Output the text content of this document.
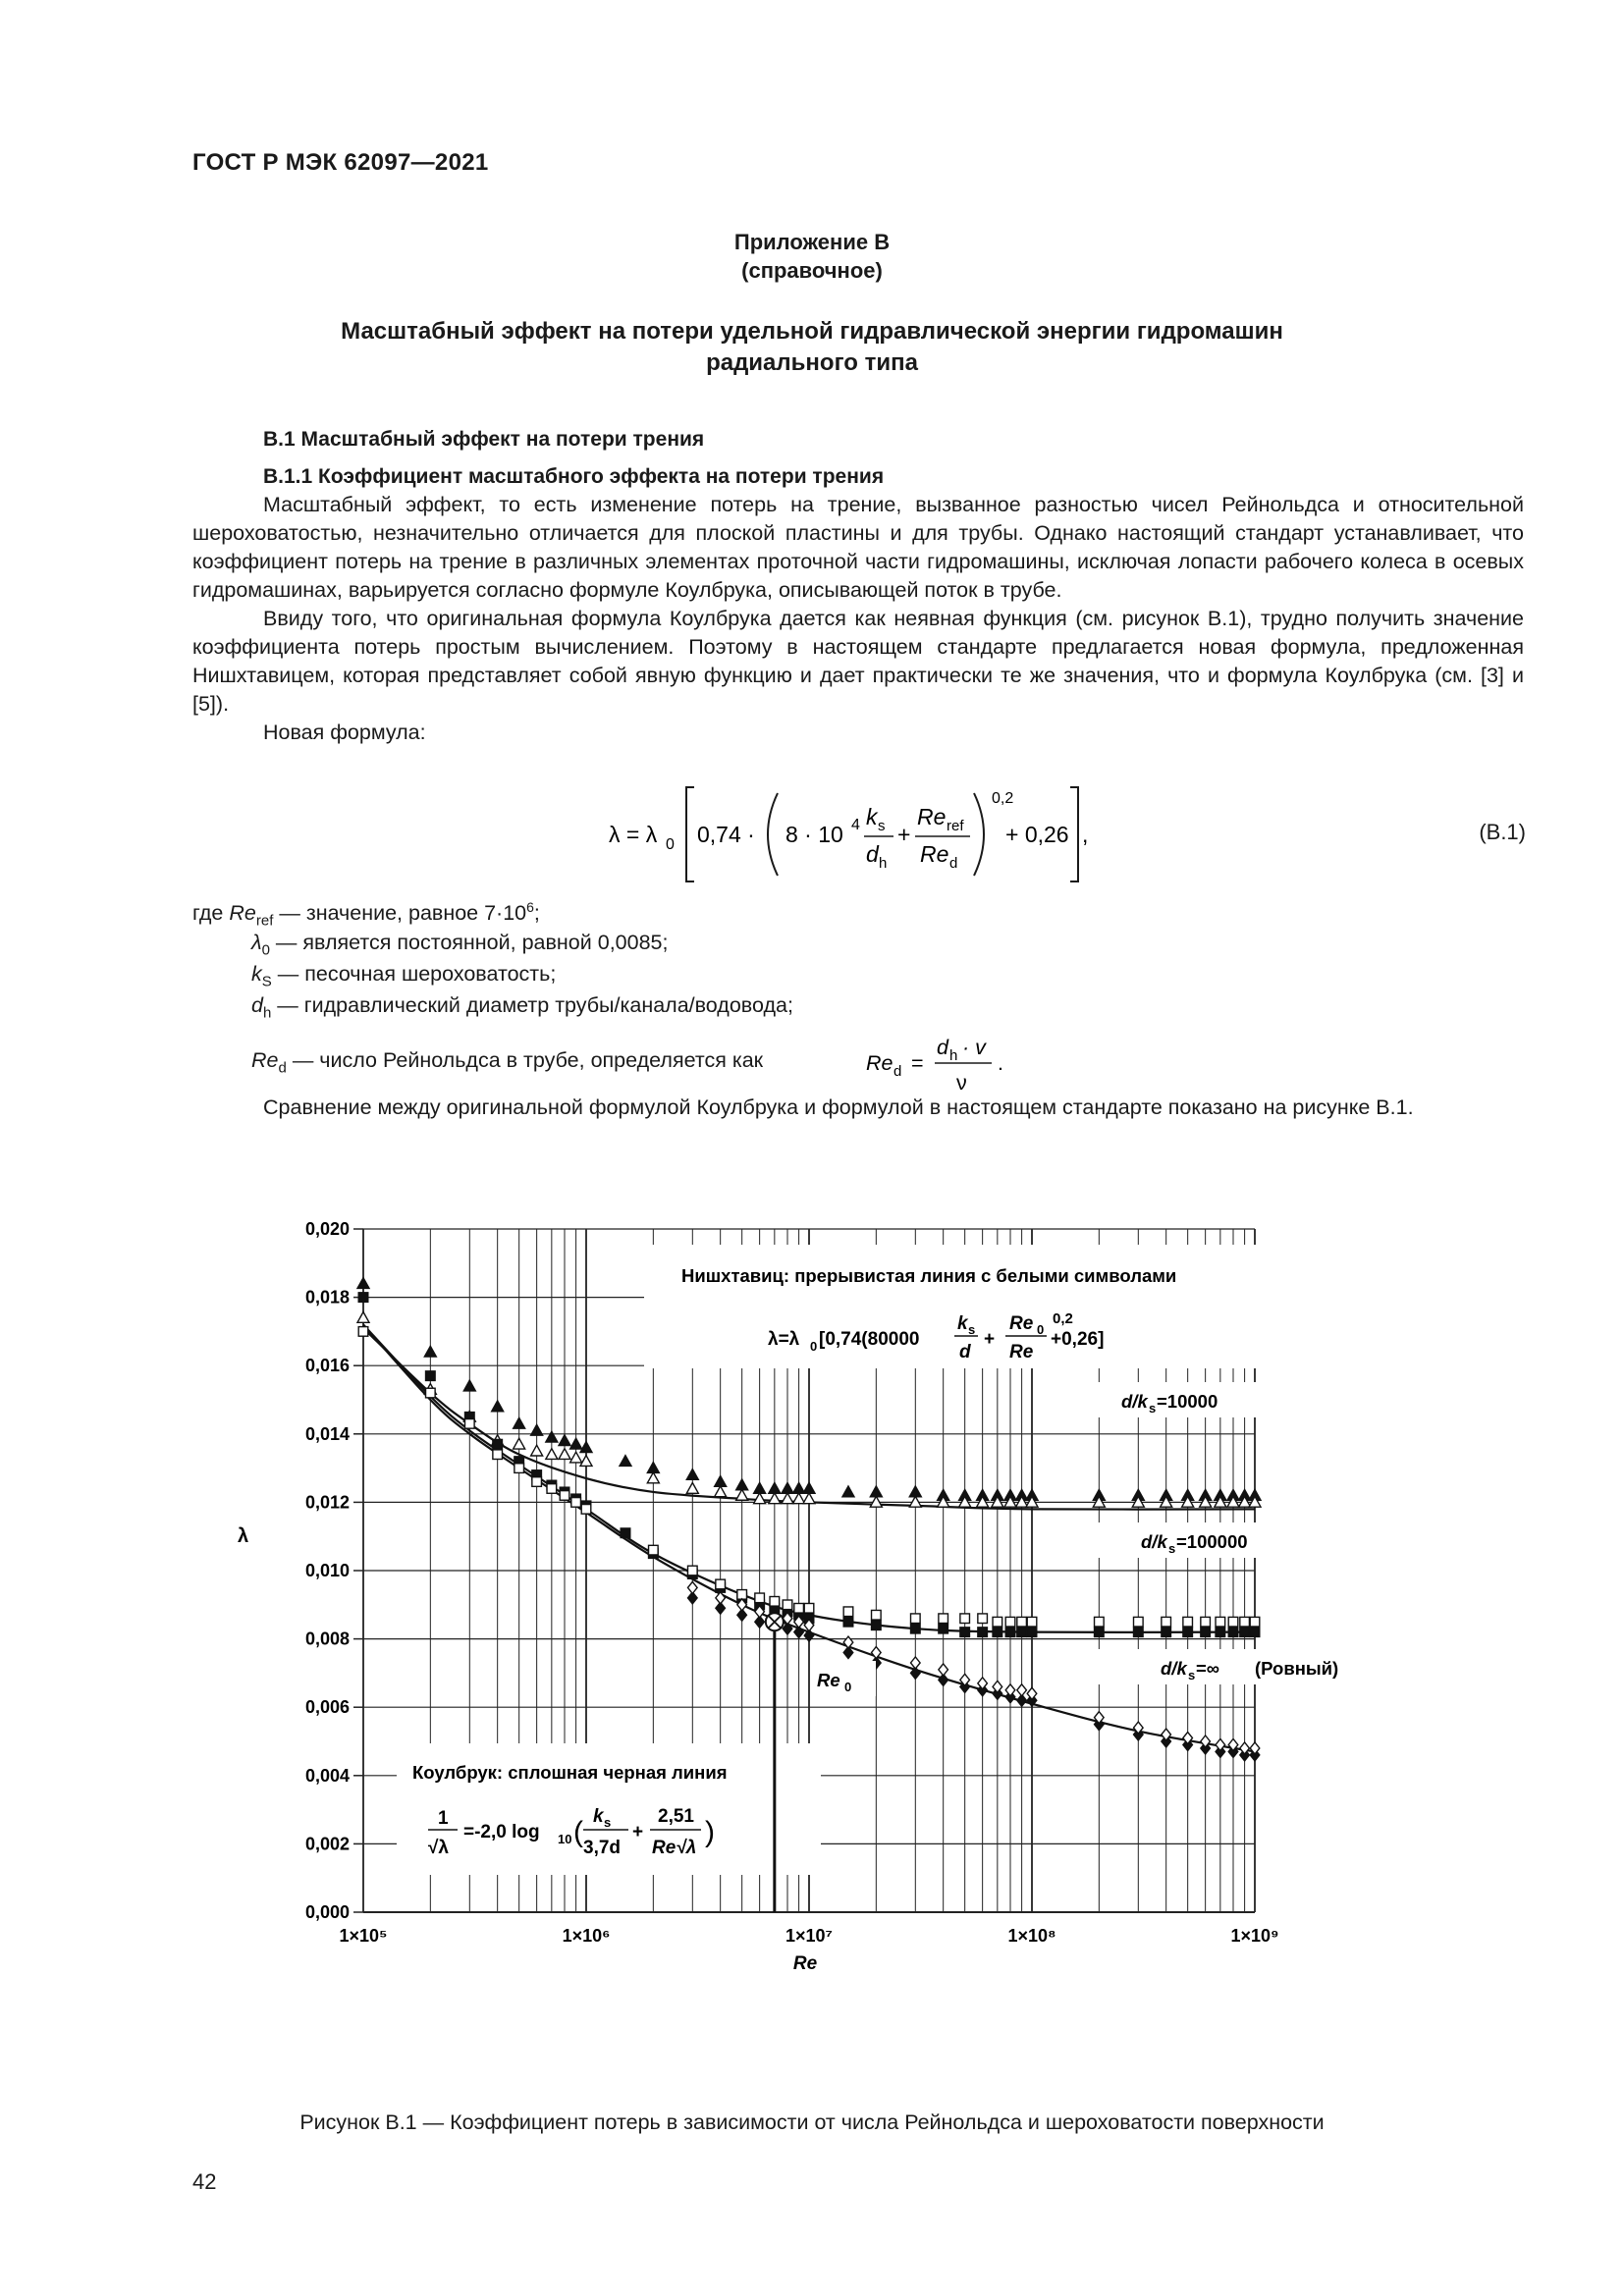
ГОСТ Р МЭК 62097—2021
Приложение В
(справочное)
Масштабный эффект на потери удельной гидравлической энергии гидромашин
радиального типа
В.1 Масштабный эффект на потери трения
В.1.1 Коэффициент масштабного эффекта на потери трения

Масштабный эффект, то есть изменение потерь на трение, вызванное разностью чисел Рейнольдса и относительной шероховатостью, незначительно отличается для плоской пластины и для трубы. Однако настоящий стандарт устанавливает, что коэффициент потерь на трение в различных элементах проточной части гидромашины, исключая лопасти рабочего колеса в осевых гидромашинах, варьируется согласно формуле Коулбрука, описывающей поток в трубе.

Ввиду того, что оригинальная формула Коулбрука дается как неявная функция (см. рисунок В.1), трудно получить значение коэффициента потерь простым вычислением. Поэтому в настоящем стандарте предлагается новая формула, предложенная Нишхтавицем, которая представляет собой явную функцию и дает практически те же значения, что и формула Коулбрука (см. [3] и [5]).

Новая формула:

λ = λ 0 0,74 · 8 · 10 4 k s
d h
+
Re ref
Re d
0,2
+ 0,26 ,	(В.1)
где $Re_{ref}$ — значение, равное $7\cdot 10^6$;
$\lambda_0$ — является постоянной, равной 0,0085;
$k_S$ — песочная шероховатость;
$d_h$ — гидравлический диаметр трубы/канала/водовода;
$Re_d$ — число Рейнольдса в трубе, определяется как	Re d =
d h · v
ν
.

Сравнение между оригинальной формулой Коулбрука и формулой в настоящем стандарте показано на рисунке В.1.

0,000
0,002
0,004
0,006
0,008
0,010
0,012
0,014
0,016
0,018
0,020
1×10⁵	1×10⁶	1×10⁷	1×10⁸	1×10⁹
Нишхтавиц: прерывистая линия с белыми символами
λ=λ 0 [0,74(80000
k s
d
+
Re 0
Re
0,2
+0,26]
d/k s =10000
d/k s =100000
d/k s =∞ (Ровный)
Re 0
Коулбрук: сплошная черная линия
1
√λ
=-2,0 log 10 ( k s
3,7d
+
2,51
Re√λ )
Re
λ
Рисунок В.1 — Коэффициент потерь в зависимости от числа Рейнольдса и шероховатости поверхности
42
